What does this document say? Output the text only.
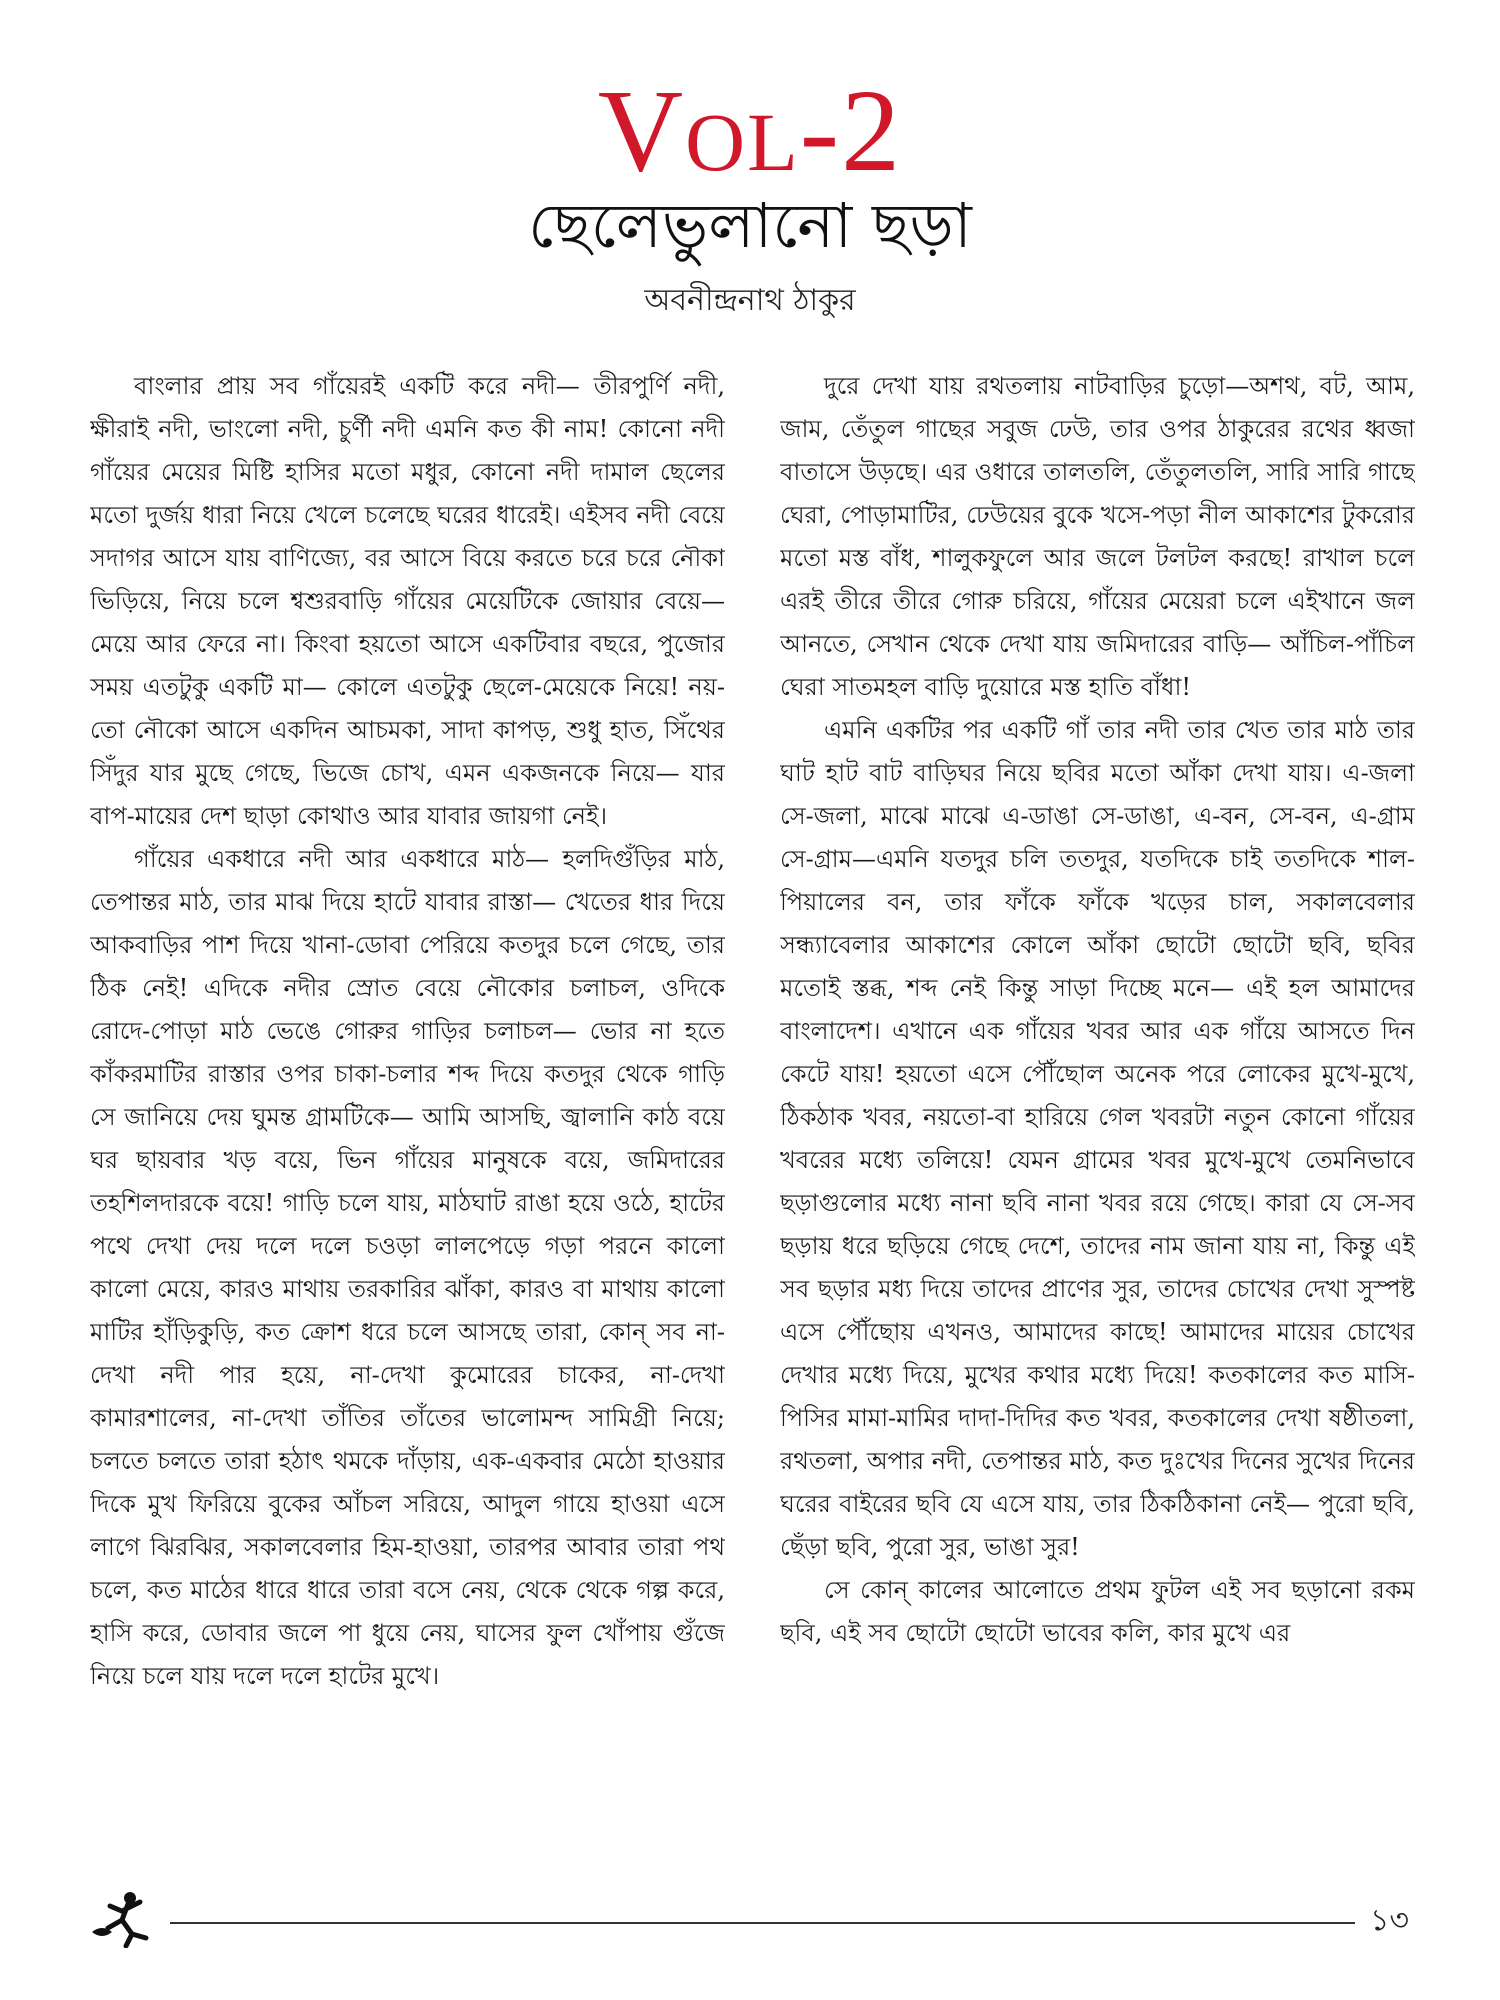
Vol-2
ছেলেভুলানো ছড়া
অবনীন্দ্রনাথ ঠাকুর

বাংলার প্রায় সব গাঁয়েরই একটি করে নদী— তীরপুর্ণি নদী, ক্ষীরাই নদী, ভাংলো নদী, চুর্ণী নদী এমনি কত কী নাম! কোনো নদী গাঁয়ের মেয়ের মিষ্টি হাসির মতো মধুর, কোনো নদী দামাল ছেলের মতো দুর্জয় ধারা নিয়ে খেলে চলেছে ঘরের ধারেই। এইসব নদী বেয়ে সদাগর আসে যায় বাণিজ্যে, বর আসে বিয়ে করতে চরে চরে নৌকা ভিড়িয়ে, নিয়ে চলে শ্বশুরবাড়ি গাঁয়ের মেয়েটিকে জোয়ার বেয়ে— মেয়ে আর ফেরে না। কিংবা হয়তো আসে একটিবার বছরে, পুজোর সময় এতটুকু একটি মা— কোলে এতটুকু ছেলে-মেয়েকে নিয়ে! নয়-তো নৌকো আসে একদিন আচমকা, সাদা কাপড়, শুধু হাত, সিঁথের সিঁদুর যার মুছে গেছে, ভিজে চোখ, এমন একজনকে নিয়ে— যার বাপ-মায়ের দেশ ছাড়া কোথাও আর যাবার জায়গা নেই।

গাঁয়ের একধারে নদী আর একধারে মাঠ— হলদিগুঁড়ির মাঠ, তেপান্তর মাঠ, তার মাঝ দিয়ে হাটে যাবার রাস্তা— খেতের ধার দিয়ে আকবাড়ির পাশ দিয়ে খানা-ডোবা পেরিয়ে কতদুর চলে গেছে, তার ঠিক নেই! এদিকে নদীর স্রোত বেয়ে নৌকোর চলাচল, ওদিকে রোদে-পোড়া মাঠ ভেঙে গোরুর গাড়ির চলাচল— ভোর না হতে কাঁকরমাটির রাস্তার ওপর চাকা-চলার শব্দ দিয়ে কতদুর থেকে গাড়ি সে জানিয়ে দেয় ঘুমন্ত গ্রামটিকে— আমি আসছি, জ্বালানি কাঠ বয়ে ঘর ছায়বার খড় বয়ে, ভিন গাঁয়ের মানুষকে বয়ে, জমিদারের তহশিলদারকে বয়ে! গাড়ি চলে যায়, মাঠঘাট রাঙা হয়ে ওঠে, হাটের পথে দেখা দেয় দলে দলে চওড়া লালপেড়ে গড়া পরনে কালো কালো মেয়ে, কারও মাথায় তরকারির ঝাঁকা, কারও বা মাথায় কালো মাটির হাঁড়িকুড়ি, কত ক্রোশ ধরে চলে আসছে তারা, কোন্ সব না-দেখা নদী পার হয়ে, না-দেখা কুমোরের চাকের, না-দেখা কামারশালের, না-দেখা তাঁতির তাঁতের ভালোমন্দ সামিগ্রী নিয়ে; চলতে চলতে তারা হঠাৎ থমকে দাঁড়ায়, এক-একবার মেঠো হাওয়ার দিকে মুখ ফিরিয়ে বুকের আঁচল সরিয়ে, আদুল গায়ে হাওয়া এসে লাগে ঝিরঝির, সকালবেলার হিম-হাওয়া, তারপর আবার তারা পথ চলে, কত মাঠের ধারে ধারে তারা বসে নেয়, থেকে থেকে গল্প করে, হাসি করে, ডোবার জলে পা ধুয়ে নেয়, ঘাসের ফুল খোঁপায় গুঁজে নিয়ে চলে যায় দলে দলে হাটের মুখে।

দুরে দেখা যায় রথতলায় নাটবাড়ির চুড়ো—অশথ, বট, আম, জাম, তেঁতুল গাছের সবুজ ঢেউ, তার ওপর ঠাকুরের রথের ধ্বজা বাতাসে উড়ছে। এর ওধারে তালতলি, তেঁতুলতলি, সারি সারি গাছে ঘেরা, পোড়ামাটির, ঢেউয়ের বুকে খসে-পড়া নীল আকাশের টুকরোর মতো মস্ত বাঁধ, শালুকফুলে আর জলে টলটল করছে! রাখাল চলে এরই তীরে তীরে গোরু চরিয়ে, গাঁয়ের মেয়েরা চলে এইখানে জল আনতে, সেখান থেকে দেখা যায় জমিদারের বাড়ি— আঁচিল-পাঁচিল ঘেরা সাতমহল বাড়ি দুয়োরে মস্ত হাতি বাঁধা!

এমনি একটির পর একটি গাঁ তার নদী তার খেত তার মাঠ তার ঘাট হাট বাট বাড়িঘর নিয়ে ছবির মতো আঁকা দেখা যায়। এ-জলা সে-জলা, মাঝে মাঝে এ-ডাঙা সে-ডাঙা, এ-বন, সে-বন, এ-গ্রাম সে-গ্রাম—এমনি যতদুর চলি ততদুর, যতদিকে চাই ততদিকে শাল-পিয়ালের বন, তার ফাঁকে ফাঁকে খড়ের চাল, সকালবেলার সন্ধ্যাবেলার আকাশের কোলে আঁকা ছোটো ছোটো ছবি, ছবির মতোই স্তব্ধ, শব্দ নেই কিন্তু সাড়া দিচ্ছে মনে— এই হল আমাদের বাংলাদেশ। এখানে এক গাঁয়ের খবর আর এক গাঁয়ে আসতে দিন কেটে যায়! হয়তো এসে পৌঁছোল অনেক পরে লোকের মুখে-মুখে, ঠিকঠাক খবর, নয়তো-বা হারিয়ে গেল খবরটা নতুন কোনো গাঁয়ের খবরের মধ্যে তলিয়ে! যেমন গ্রামের খবর মুখে-মুখে তেমনিভাবে ছড়াগুলোর মধ্যে নানা ছবি নানা খবর রয়ে গেছে। কারা যে সে-সব ছড়ায় ধরে ছড়িয়ে গেছে দেশে, তাদের নাম জানা যায় না, কিন্তু এই সব ছড়ার মধ্য দিয়ে তাদের প্রাণের সুর, তাদের চোখের দেখা সুস্পষ্ট এসে পৌঁছোয় এখনও, আমাদের কাছে! আমাদের মায়ের চোখের দেখার মধ্যে দিয়ে, মুখের কথার মধ্যে দিয়ে! কতকালের কত মাসি-পিসির মামা-মামির দাদা-দিদির কত খবর, কতকালের দেখা ষষ্ঠীতলা, রথতলা, অপার নদী, তেপান্তর মাঠ, কত দুঃখের দিনের সুখের দিনের ঘরের বাইরের ছবি যে এসে যায়, তার ঠিকঠিকানা নেই— পুরো ছবি, ছেঁড়া ছবি, পুরো সুর, ভাঙা সুর!

সে কোন্ কালের আলোতে প্রথম ফুটল এই সব ছড়ানো রকম ছবি, এই সব ছোটো ছোটো ভাবের কলি, কার মুখে এর

১৩
